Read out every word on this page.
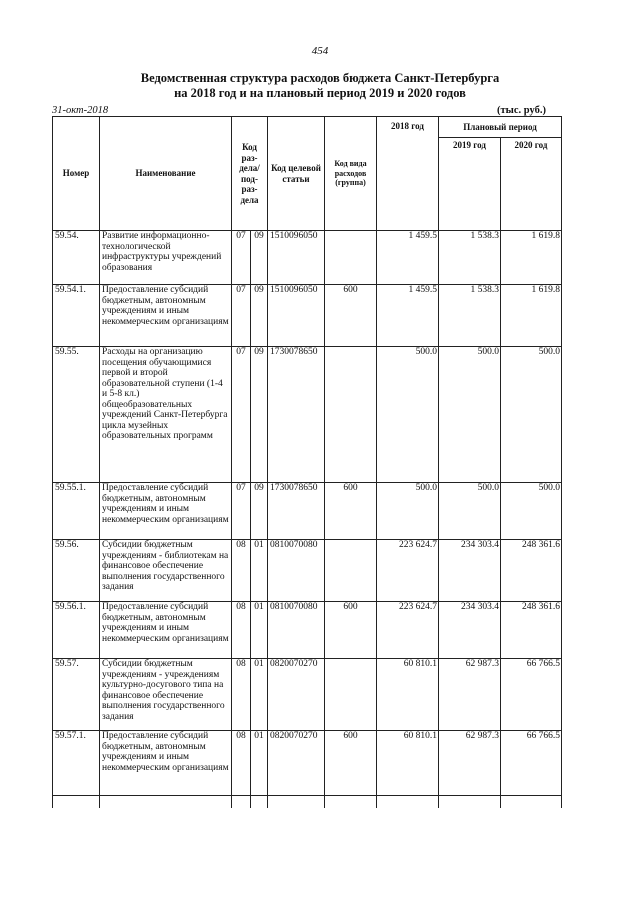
454
Ведомственная структура расходов бюджета Санкт-Петербурга
на 2018 год и на плановый период 2019 и 2020 годов
31-окт-2018	(тыс. руб.)
Номер	Наименование	Код раз-дела/под-раз-дела		Код целевой статьи	Код вида расходов (группа)	2018 год	Плановый период	
							2019 год	2020 год
59.54.	Развитие информационно-технологической инфраструктуры учреждений образования	07	09	1510096050		1 459.5	1 538.3	1 619.8
59.54.1.	Предоставление субсидий бюджетным, автономным учреждениям и иным некоммерческим организациям	07	09	1510096050	600	1 459.5	1 538.3	1 619.8
59.55.	Расходы на организацию посещения обучающимися первой и второй образовательной ступени (1-4 и 5-8 кл.) общеобразовательных учреждений Санкт-Петербурга цикла музейных образовательных программ	07	09	1730078650		500.0	500.0	500.0
59.55.1.	Предоставление субсидий бюджетным, автономным учреждениям и иным некоммерческим организациям	07	09	1730078650	600	500.0	500.0	500.0
59.56.	Субсидии бюджетным учреждениям - библиотекам на финансовое обеспечение выполнения государственного задания	08	01	0810070080		223 624.7	234 303.4	248 361.6
59.56.1.	Предоставление субсидий бюджетным, автономным учреждениям и иным некоммерческим организациям	08	01	0810070080	600	223 624.7	234 303.4	248 361.6
59.57.	Субсидии бюджетным учреждениям - учреждениям культурно-досугового типа на финансовое обеспечение выполнения государственного задания	08	01	0820070270		60 810.1	62 987.3	66 766.5
59.57.1.	Предоставление субсидий бюджетным, автономным учреждениям и иным некоммерческим организациям	08	01	0820070270	600	60 810.1	62 987.3	66 766.5
